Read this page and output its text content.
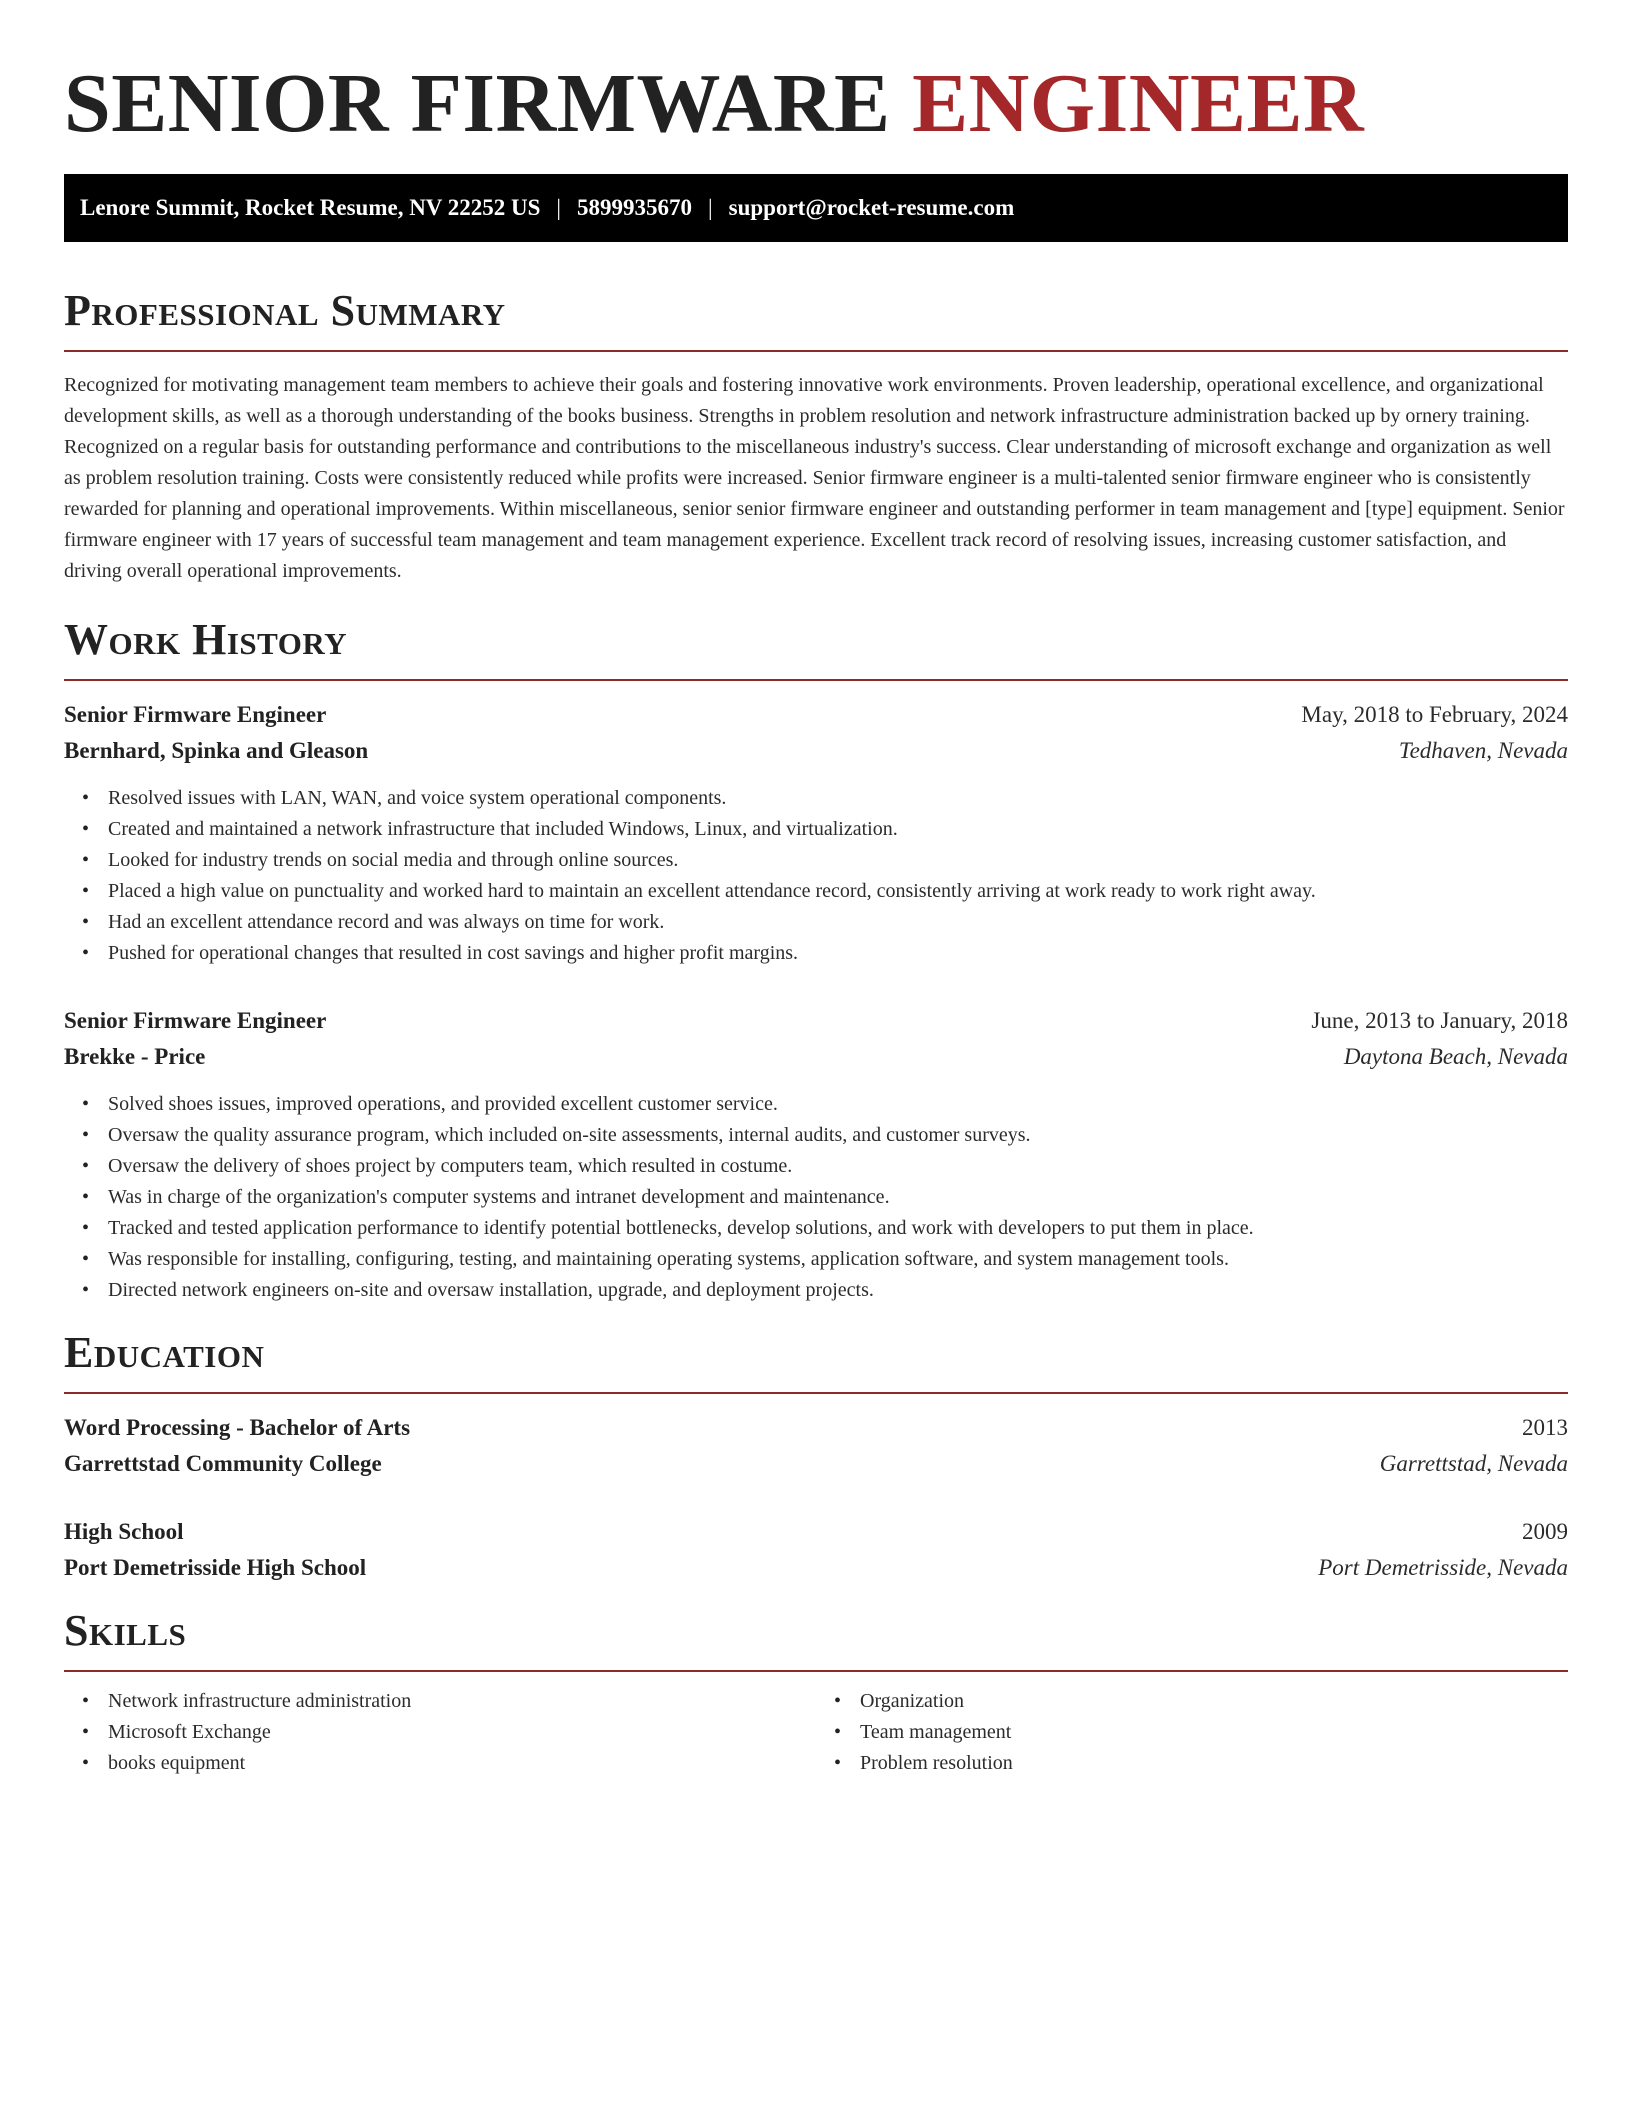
SENIOR FIRMWARE ENGINEER
Lenore Summit, Rocket Resume, NV 22252 US | 5899935670 | support@rocket-resume.com
Professional Summary

Recognized for motivating management team members to achieve their goals and fostering innovative work environments. Proven leadership, operational excellence, and organizational development skills, as well as a thorough understanding of the books business. Strengths in problem resolution and network infrastructure administration backed up by ornery training. Recognized on a regular basis for outstanding performance and contributions to the miscellaneous industry's success. Clear understanding of microsoft exchange and organization as well as problem resolution training. Costs were consistently reduced while profits were increased. Senior firmware engineer is a multi-talented senior firmware engineer who is consistently rewarded for planning and operational improvements. Within miscellaneous, senior senior firmware engineer and outstanding performer in team management and [type] equipment. Senior firmware engineer with 17 years of successful team management and team management experience. Excellent track record of resolving issues, increasing customer satisfaction, and driving overall operational improvements.

Work History
Senior Firmware Engineer	May, 2018 to February, 2024
Bernhard, Spinka and Gleason	Tedhaven, Nevada
• Resolved issues with LAN, WAN, and voice system operational components.
• Created and maintained a network infrastructure that included Windows, Linux, and virtualization.
• Looked for industry trends on social media and through online sources.
• Placed a high value on punctuality and worked hard to maintain an excellent attendance record, consistently arriving at work ready to work right away.
• Had an excellent attendance record and was always on time for work.
• Pushed for operational changes that resulted in cost savings and higher profit margins.
Senior Firmware Engineer	June, 2013 to January, 2018
Brekke - Price	Daytona Beach, Nevada
• Solved shoes issues, improved operations, and provided excellent customer service.
• Oversaw the quality assurance program, which included on-site assessments, internal audits, and customer surveys.
• Oversaw the delivery of shoes project by computers team, which resulted in costume.
• Was in charge of the organization's computer systems and intranet development and maintenance.
• Tracked and tested application performance to identify potential bottlenecks, develop solutions, and work with developers to put them in place.
• Was responsible for installing, configuring, testing, and maintaining operating systems, application software, and system management tools.
• Directed network engineers on-site and oversaw installation, upgrade, and deployment projects.
Education
Word Processing - Bachelor of Arts	2013
Garrettstad Community College	Garrettstad, Nevada
High School	2009
Port Demetrisside High School	Port Demetrisside, Nevada
Skills
• Network infrastructure administration
• Microsoft Exchange
• books equipment
• Organization
• Team management
• Problem resolution
